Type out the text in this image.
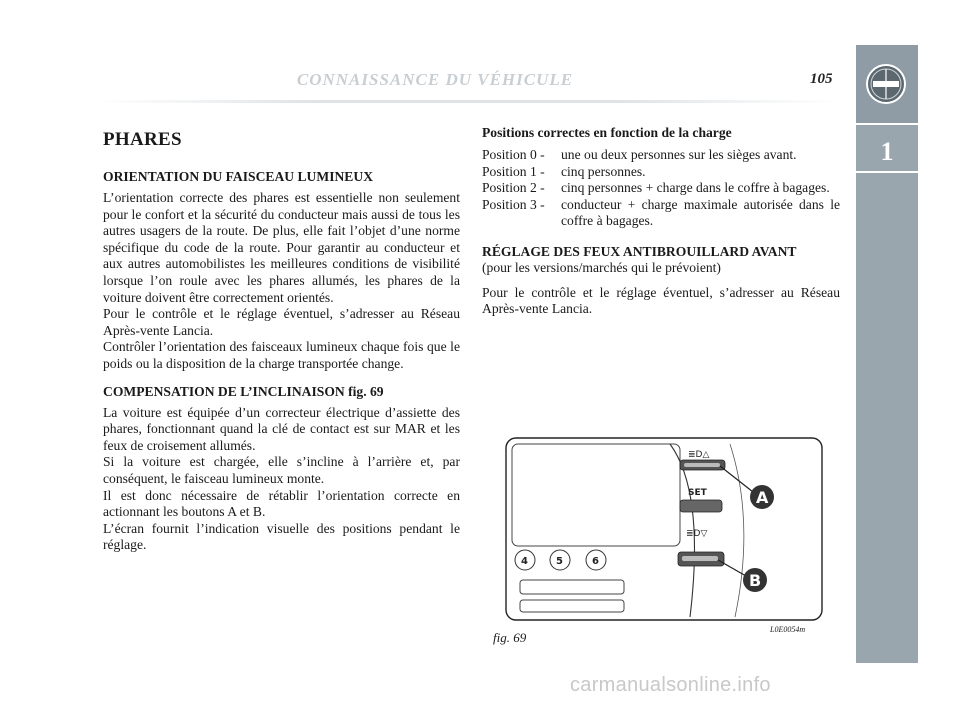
CONNAISSANCE DU VÉHICULE	105
1
PHARES
ORIENTATION DU FAISCEAU LUMINEUX

L’orientation correcte des phares est essentielle non seulement pour le confort et la sécurité du conducteur mais aussi de tous les autres usagers de la route. De plus, elle fait l’objet d’une norme spécifique du code de la route. Pour garantir au conducteur et aux autres automobilistes les meilleures conditions de visibilité lorsque l’on roule avec les phares allumés, les phares de la voiture doivent être correctement orientés.

Pour le contrôle et le réglage éventuel, s’adresser au Réseau Après-vente Lancia.

Contrôler l’orientation des faisceaux lumineux chaque fois que le poids ou la disposition de la charge transportée change.

COMPENSATION DE L’INCLINAISON fig. 69

La voiture est équipée d’un correcteur électrique d’assiette des phares, fonctionnant quand la clé de contact est sur MAR et les feux de croisement allumés.

Si la voiture est chargée, elle s’incline à l’arrière et, par conséquent, le faisceau lumineux monte.

Il est donc nécessaire de rétablir l’orientation correcte en actionnant les boutons A et B.

L’écran fournit l’indication visuelle des positions pendant le réglage.

Positions correctes en fonction de la charge
Position 0 -	une ou deux personnes sur les sièges avant.
Position 1 -	cinq personnes.
Position 2 -	cinq personnes + charge dans le coffre à bagages.
Position 3 -	conducteur + charge maximale autorisée dans le coffre à bagages.
RÉGLAGE DES FEUX ANTIBROUILLARD AVANT

(pour les versions/marchés qui le prévoient)

Pour le contrôle et le réglage éventuel, s’adresser au Réseau Après-vente Lancia.

≣D△
SET
≣D▽
A
B
4	5	6
fig. 69
L0E0054m
carmanualsonline.info
